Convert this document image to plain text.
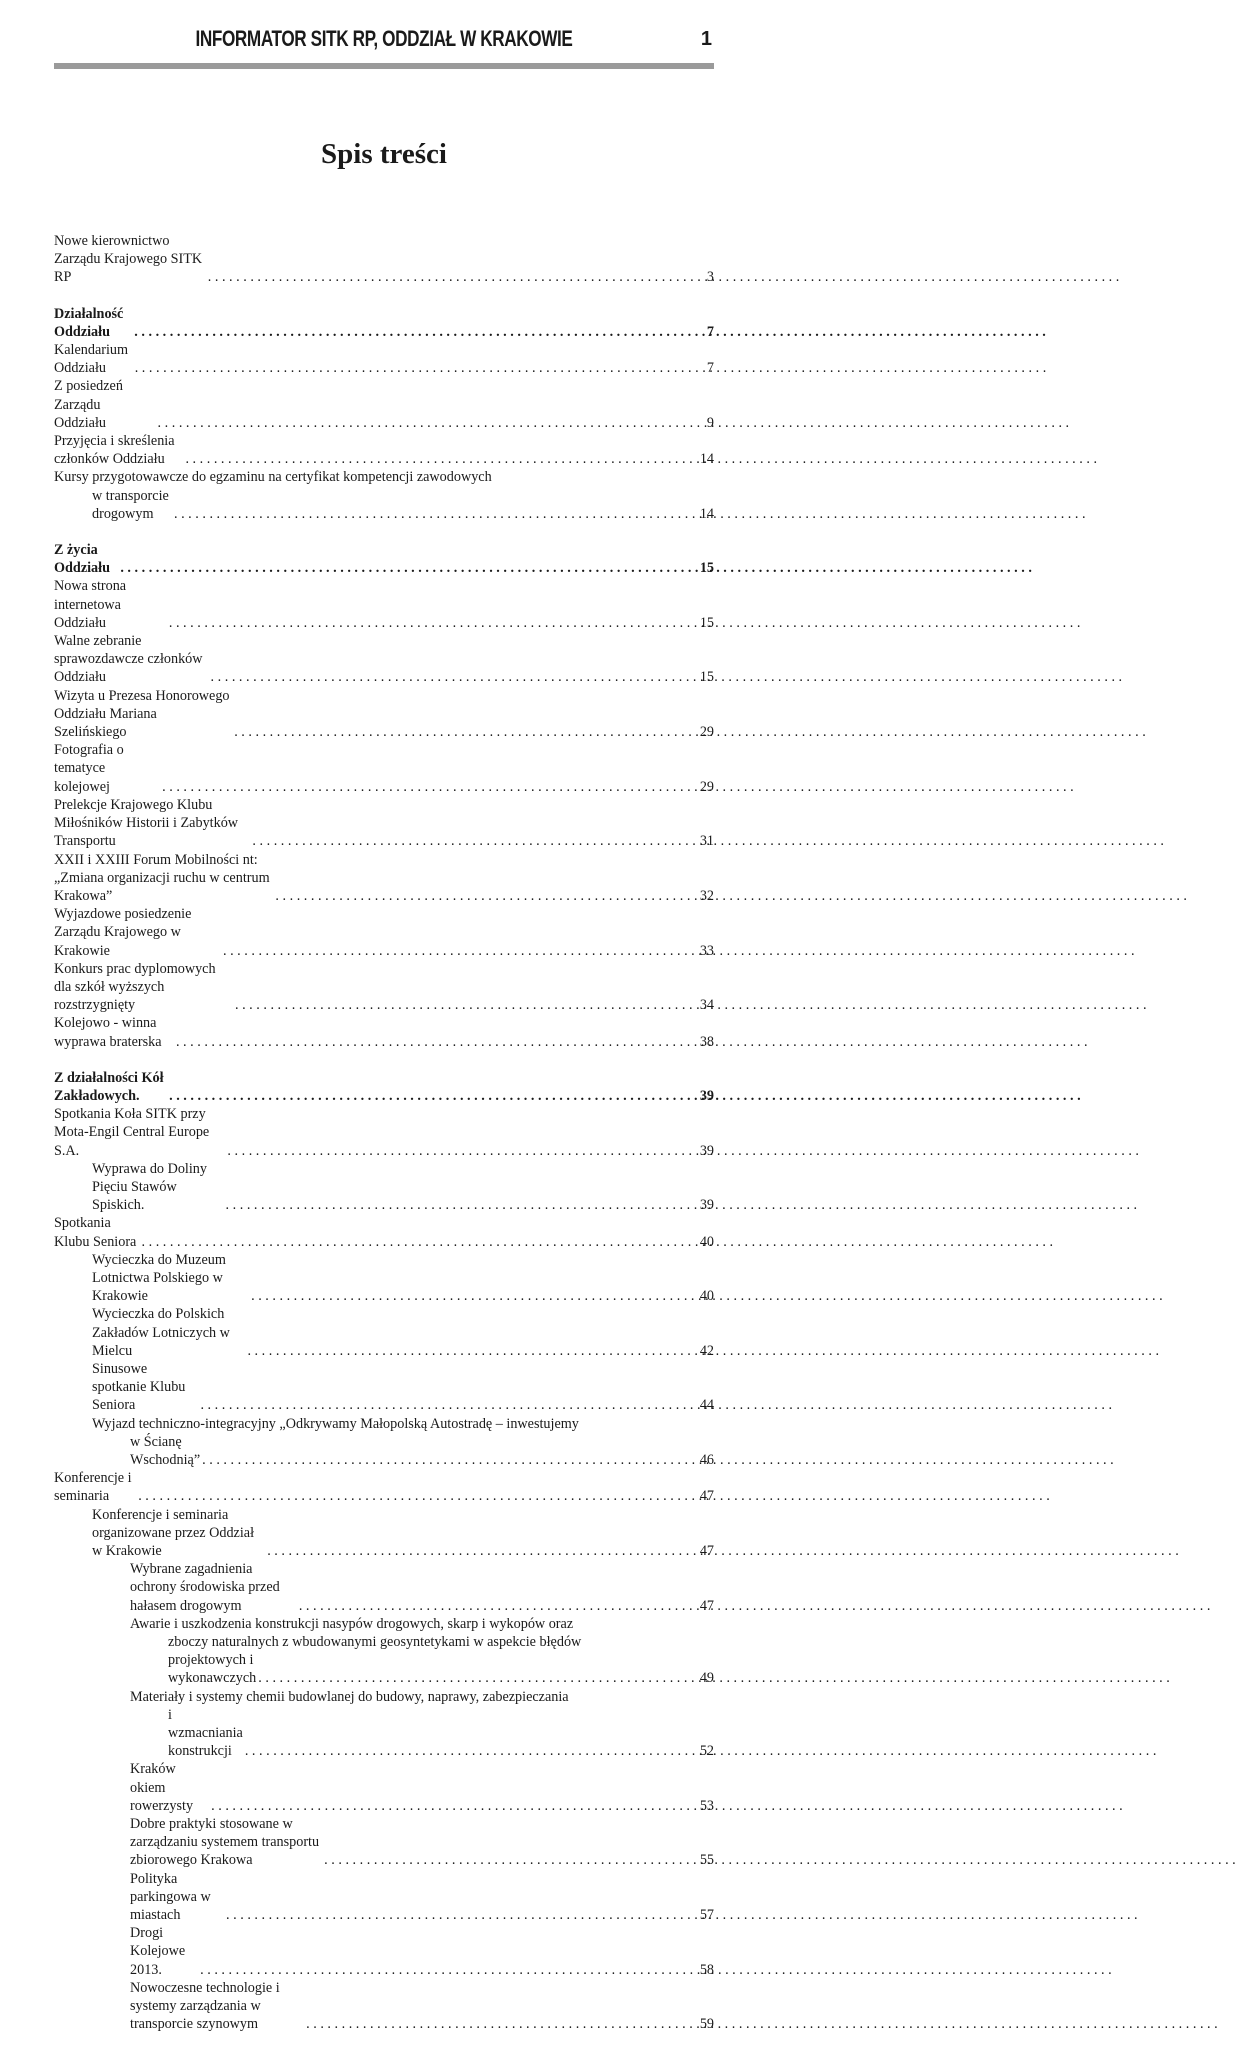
INFORMATOR SITK RP, ODDZIAŁ W KRAKOWIE	1
Spis treści
Nowe kierownictwo Zarządu Krajowego SITK RP . . .	3
Działalność Oddziału . . .	7
Kalendarium Oddziału . . .	7
Z posiedzeń Zarządu Oddziału . . .	9
Przyjęcia i skreślenia członków Oddziału . . .	14
Kursy przygotowawcze do egzaminu na certyfikat kompetencji zawodowych
w transporcie drogowym . . .	14
Z życia Oddziału . . .	15
Nowa strona internetowa Oddziału . . .	15
Walne zebranie sprawozdawcze członków Oddziału . . .	15
Wizyta u Prezesa Honorowego Oddziału Mariana Szelińskiego . . .	29
Fotografia o tematyce kolejowej . . .	29
Prelekcje Krajowego Klubu Miłośników Historii i Zabytków Transportu . . .	31
XXII i XXIII Forum Mobilności nt: „Zmiana organizacji ruchu w centrum Krakowa” . . .	32
Wyjazdowe posiedzenie Zarządu Krajowego w Krakowie . . .	33
Konkurs prac dyplomowych dla szkół wyższych rozstrzygnięty . . .	34
Kolejowo - winna wyprawa braterska . . .	38
Z działalności Kół Zakładowych. . . .	39
Spotkania Koła SITK przy Mota-Engil Central Europe S.A. . . .	39
Wyprawa do Doliny Pięciu Stawów Spiskich. . . .	39
Spotkania Klubu Seniora . . .	40
Wycieczka do Muzeum Lotnictwa Polskiego w Krakowie . . .	40
Wycieczka do Polskich Zakładów Lotniczych w Mielcu . . .	42
Sinusowe spotkanie Klubu Seniora . . .	44
Wyjazd techniczno-integracyjny „Odkrywamy Małopolską Autostradę – inwestujemy
w Ścianę Wschodnią” . . .	46
Konferencje i seminaria . . .	47
Konferencje i seminaria organizowane przez Oddział w Krakowie . . .	47
Wybrane zagadnienia ochrony środowiska przed hałasem drogowym . . .	47
Awarie i uszkodzenia konstrukcji nasypów drogowych, skarp i wykopów oraz
zboczy naturalnych z wbudowanymi geosyntetykami w aspekcie błędów
projektowych i wykonawczych . . .	49
Materiały i systemy chemii budowlanej do budowy, naprawy, zabezpieczania
i wzmacniania konstrukcji . . .	52
Kraków okiem rowerzysty . . .	53
Dobre praktyki stosowane w zarządzaniu systemem transportu zbiorowego Krakowa . . .	55
Polityka parkingowa w miastach . . .	57
Drogi Kolejowe 2013. . . .	58
Nowoczesne technologie i systemy zarządzania w transporcie szynowym . . .	59
